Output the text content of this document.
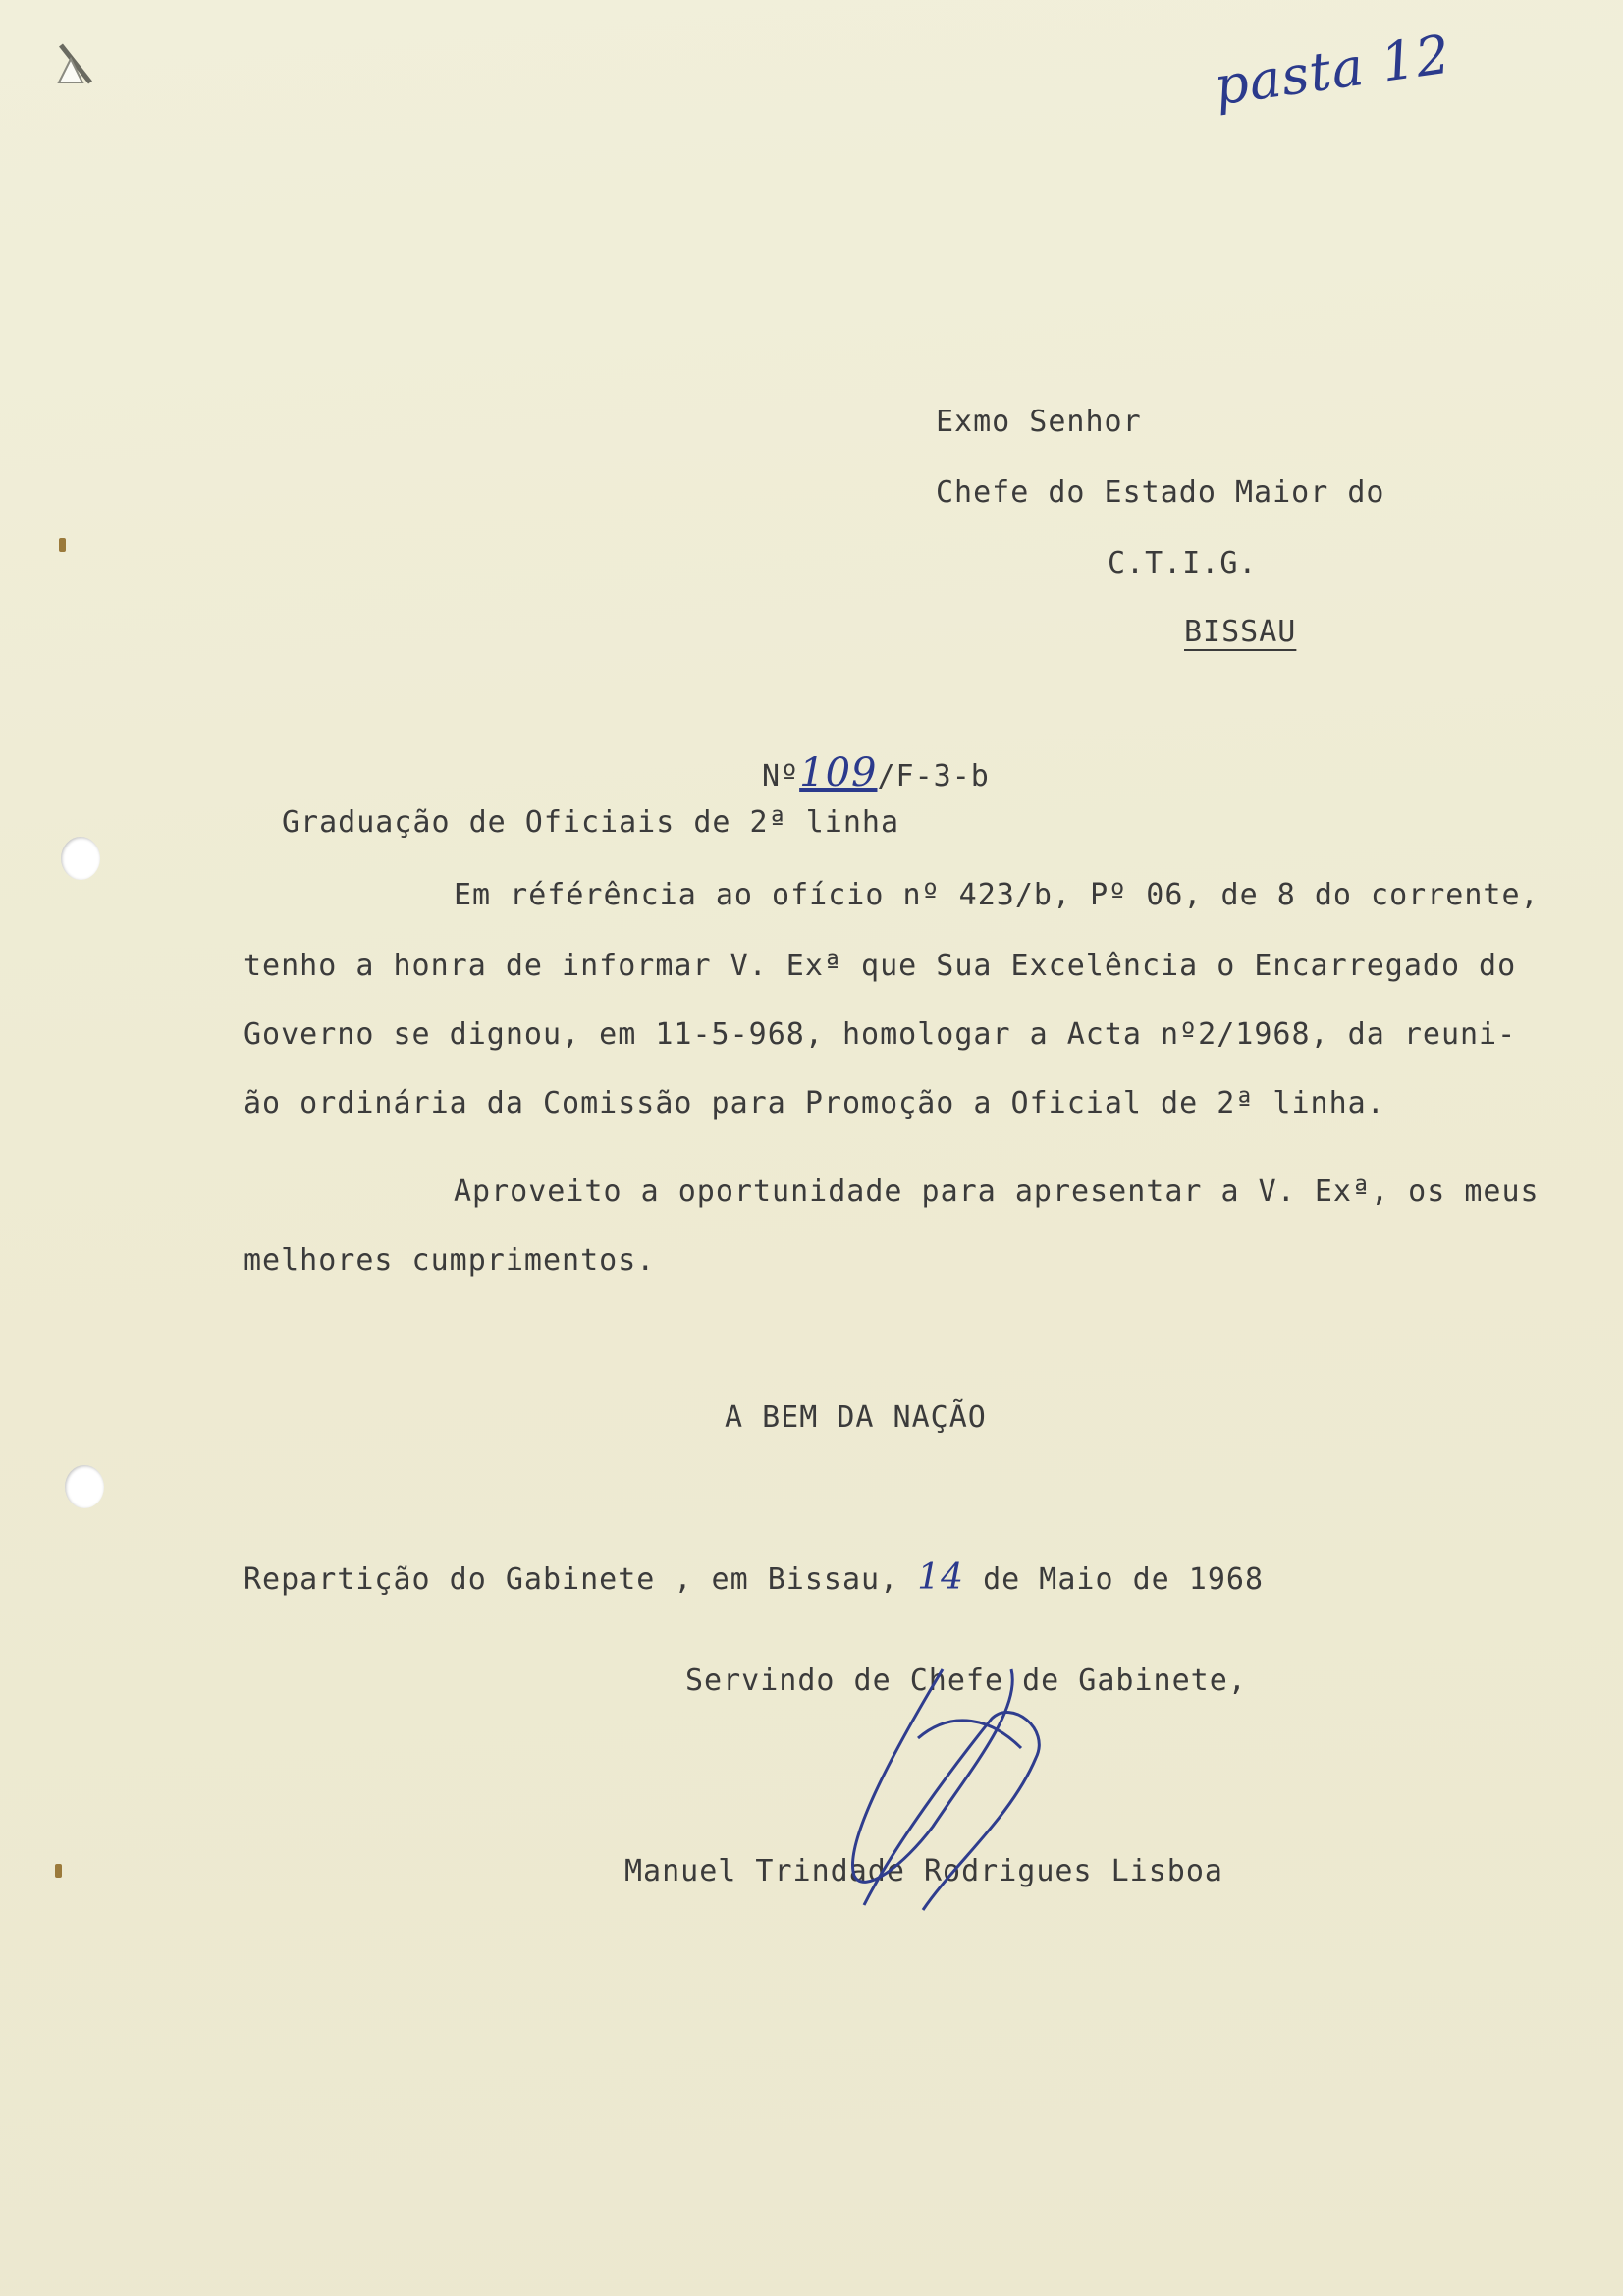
pasta 12
Exmo Senhor
Chefe do Estado Maior do
C.T.I.G.
BISSAU
Nº109/F-3-b
Graduação de Oficiais de 2ª linha
Em référência ao ofício nº 423/b, Pº 06, de 8 do corrente,
tenho a honra de informar V. Exª que Sua Excelência o Encarregado do
Governo se dignou, em 11-5-968, homologar a Acta nº2/1968, da reuni-
ão ordinária da Comissão para Promoção a Oficial de 2ª linha.
Aproveito a oportunidade para apresentar a V. Exª, os meus
melhores cumprimentos.
A BEM DA NAÇÃO
Repartição do Gabinete , em Bissau, 14 de Maio de 1968
Servindo de Chefe de Gabinete,
Manuel Trindade Rodrigues Lisboa
